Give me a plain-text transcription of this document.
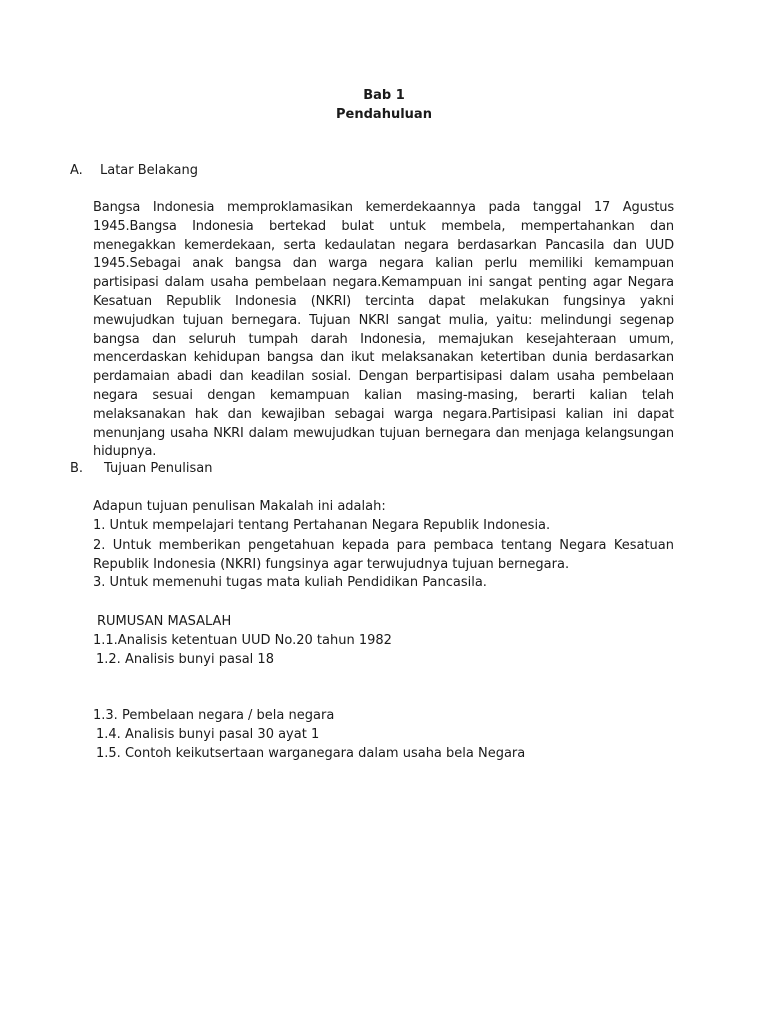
Bab 1
Pendahuluan
A. Latar Belakang
Bangsa Indonesia memproklamasikan kemerdekaannya pada tanggal 17 Agustus 1945.Bangsa Indonesia bertekad bulat untuk membela, mempertahankan dan menegakkan kemerdekaan, serta kedaulatan negara berdasarkan Pancasila dan UUD 1945.Sebagai anak bangsa dan warga negara kalian perlu memiliki kemampuan partisipasi dalam usaha pembelaan negara.Kemampuan ini sangat penting agar Negara Kesatuan Republik Indonesia (NKRI) tercinta dapat melakukan fungsinya yakni mewujudkan tujuan bernegara. Tujuan NKRI sangat mulia, yaitu: melindungi segenap bangsa dan seluruh tumpah darah Indonesia, memajukan kesejahteraan umum, mencerdaskan kehidupan bangsa dan ikut melaksanakan ketertiban dunia berdasarkan perdamaian abadi dan keadilan sosial. Dengan berpartisipasi dalam usaha pembelaan negara sesuai dengan kemampuan kalian masing-masing, berarti kalian telah melaksanakan hak dan kewajiban sebagai warga negara.Partisipasi kalian ini dapat menunjang usaha NKRI dalam mewujudkan tujuan bernegara dan menjaga kelangsungan hidupnya.
B. Tujuan Penulisan
Adapun tujuan penulisan Makalah ini adalah:
1. Untuk mempelajari tentang Pertahanan Negara Republik Indonesia.
2. Untuk memberikan pengetahuan kepada para pembaca tentang Negara Kesatuan Republik Indonesia (NKRI) fungsinya agar terwujudnya tujuan bernegara.
3. Untuk memenuhi tugas mata kuliah Pendidikan Pancasila.
RUMUSAN MASALAH
1.1.Analisis ketentuan UUD No.20 tahun 1982
1.2. Analisis bunyi pasal 18
1.3. Pembelaan negara / bela negara
1.4. Analisis bunyi pasal 30 ayat 1
1.5. Contoh keikutsertaan warganegara dalam usaha bela Negara
